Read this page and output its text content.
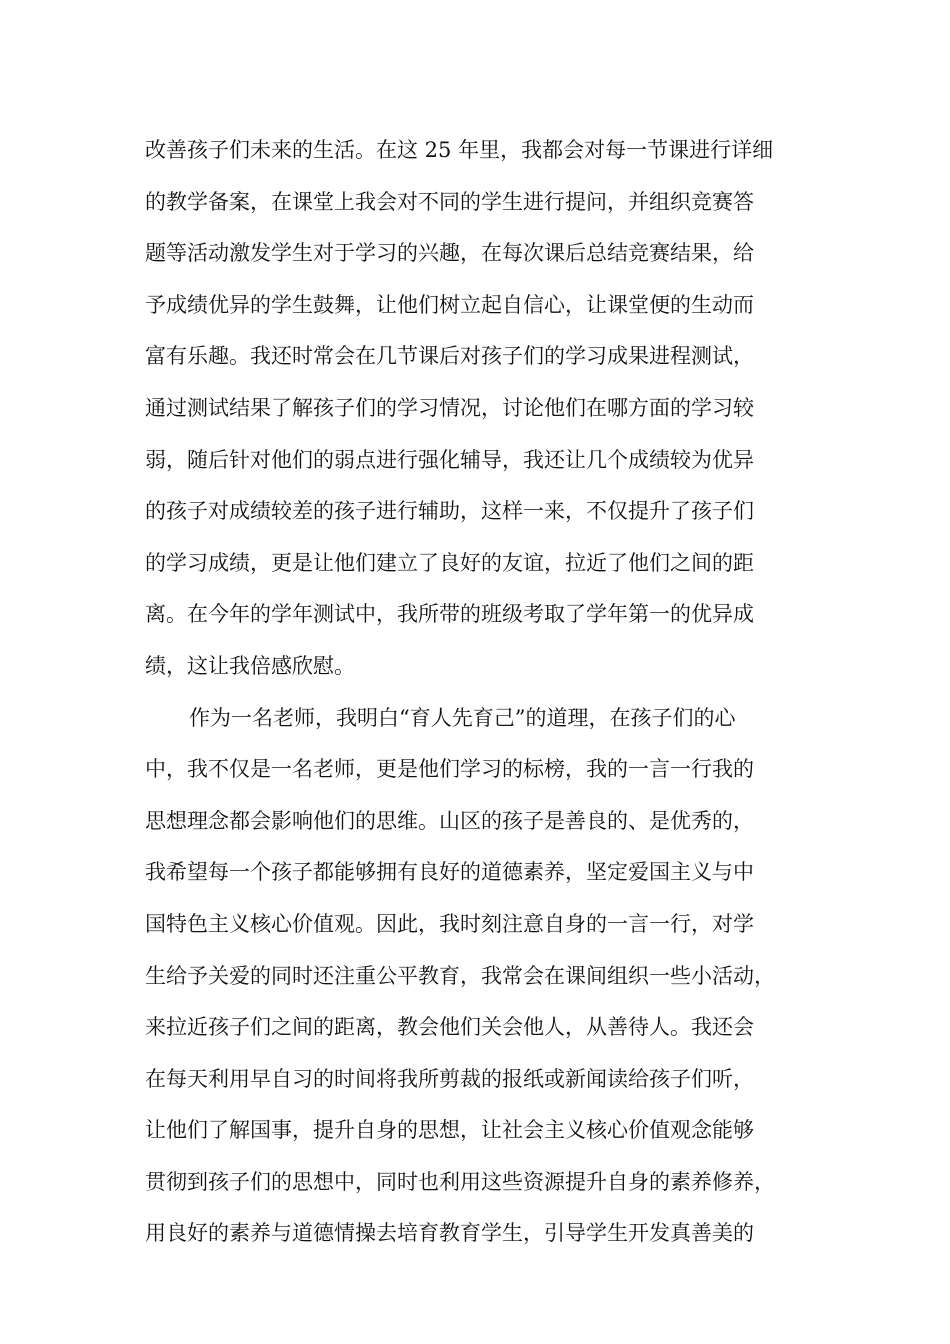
改善孩子们未来的生活。在这 25 年里，我都会对每一节课进行详细
的教学备案，在课堂上我会对不同的学生进行提问，并组织竞赛答
题等活动激发学生对于学习的兴趣，在每次课后总结竞赛结果，给
予成绩优异的学生鼓舞，让他们树立起自信心，让课堂便的生动而
富有乐趣。我还时常会在几节课后对孩子们的学习成果进程测试，
通过测试结果了解孩子们的学习情况，讨论他们在哪方面的学习较
弱，随后针对他们的弱点进行强化辅导，我还让几个成绩较为优异
的孩子对成绩较差的孩子进行辅助，这样一来，不仅提升了孩子们
的学习成绩，更是让他们建立了良好的友谊，拉近了他们之间的距
离。在今年的学年测试中，我所带的班级考取了学年第一的优异成
绩，这让我倍感欣慰。
作为一名老师，我明白“育人先育己”的道理，在孩子们的心
中，我不仅是一名老师，更是他们学习的标榜，我的一言一行我的
思想理念都会影响他们的思维。山区的孩子是善良的、是优秀的，
我希望每一个孩子都能够拥有良好的道德素养，坚定爱国主义与中
国特色主义核心价值观。因此，我时刻注意自身的一言一行，对学
生给予关爱的同时还注重公平教育，我常会在课间组织一些小活动，
来拉近孩子们之间的距离，教会他们关会他人，从善待人。我还会
在每天利用早自习的时间将我所剪裁的报纸或新闻读给孩子们听，
让他们了解国事，提升自身的思想，让社会主义核心价值观念能够
贯彻到孩子们的思想中，同时也利用这些资源提升自身的素养修养，
用良好的素养与道德情操去培育教育学生，引导学生开发真善美的
